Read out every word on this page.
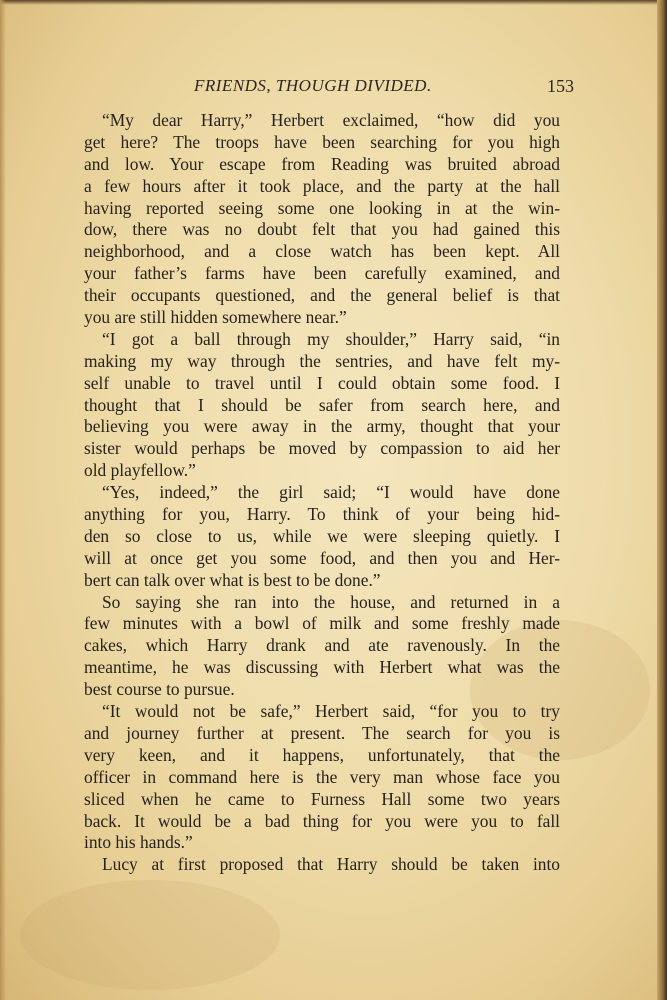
FRIENDS, THOUGH DIVIDED.	153
“My dear Harry,” Herbert exclaimed, “how did you
get here? The troops have been searching for you high
and low. Your escape from Reading was bruited abroad
a few hours after it took place, and the party at the hall
having reported seeing some one looking in at the win-
dow, there was no doubt felt that you had gained this
neighborhood, and a close watch has been kept. All
your father’s farms have been carefully examined, and
their occupants questioned, and the general belief is that
you are still hidden somewhere near.”
“I got a ball through my shoulder,” Harry said, “in
making my way through the sentries, and have felt my-
self unable to travel until I could obtain some food. I
thought that I should be safer from search here, and
believing you were away in the army, thought that your
sister would perhaps be moved by compassion to aid her
old playfellow.”
“Yes, indeed,” the girl said; “I would have done
anything for you, Harry. To think of your being hid-
den so close to us, while we were sleeping quietly. I
will at once get you some food, and then you and Her-
bert can talk over what is best to be done.”
So saying she ran into the house, and returned in a
few minutes with a bowl of milk and some freshly made
cakes, which Harry drank and ate ravenously. In the
meantime, he was discussing with Herbert what was the
best course to pursue.
“It would not be safe,” Herbert said, “for you to try
and journey further at present. The search for you is
very keen, and it happens, unfortunately, that the
officer in command here is the very man whose face you
sliced when he came to Furness Hall some two years
back. It would be a bad thing for you were you to fall
into his hands.”
Lucy at first proposed that Harry should be taken into
